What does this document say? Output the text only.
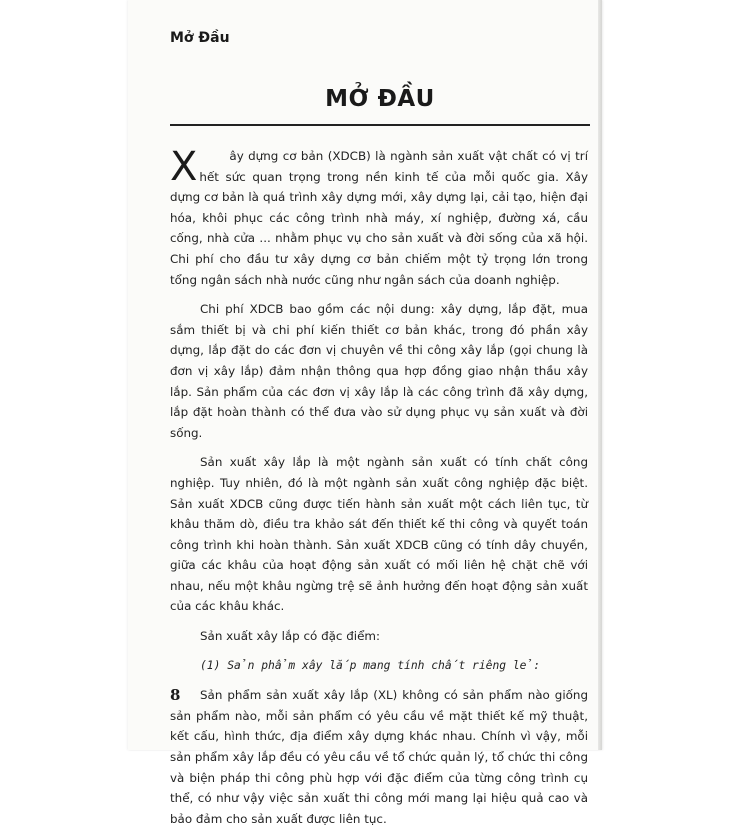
Mở Đầu
MỞ ĐẦU

X	ây dựng cơ bản (XDCB) là ngành sản xuất vật chất có vị trí hết sức quan trọng trong nền kinh tế của mỗi quốc gia. Xây dựng cơ bản là quá trình xây dựng mới, xây dựng lại, cải tạo, hiện đại hóa, khôi phục các công trình nhà máy, xí nghiệp, đường xá, cầu cống, nhà cửa ... nhằm phục vụ cho sản xuất và đời sống của xã hội. Chi phí cho đầu tư xây dựng cơ bản chiếm một tỷ trọng lớn trong tổng ngân sách nhà nước cũng như ngân sách của doanh nghiệp.

Chi phí XDCB bao gồm các nội dung: xây dựng, lắp đặt, mua sắm thiết bị và chi phí kiến thiết cơ bản khác, trong đó phần xây dựng, lắp đặt do các đơn vị chuyên về thi công xây lắp (gọi chung là đơn vị xây lắp) đảm nhận thông qua hợp đồng giao nhận thầu xây lắp. Sản phẩm của các đơn vị xây lắp là các công trình đã xây dựng, lắp đặt hoàn thành có thể đưa vào sử dụng phục vụ sản xuất và đời sống.

Sản xuất xây lắp là một ngành sản xuất có tính chất công nghiệp. Tuy nhiên, đó là một ngành sản xuất công nghiệp đặc biệt. Sản xuất XDCB cũng được tiến hành sản xuất một cách liên tục, từ khâu thăm dò, điều tra khảo sát đến thiết kế thi công và quyết toán công trình khi hoàn thành. Sản xuất XDCB cũng có tính dây chuyền, giữa các khâu của hoạt động sản xuất có mối liên hệ chặt chẽ với nhau, nếu một khâu ngừng trệ sẽ ảnh hưởng đến hoạt động sản xuất của các khâu khác.

Sản xuất xây lắp có đặc điểm:

(1) Sản phẩm xây lắp mang tính chất riêng lẻ:

Sản phẩm sản xuất xây lắp (XL) không có sản phẩm nào giống sản phẩm nào, mỗi sản phẩm có yêu cầu về mặt thiết kế mỹ thuật, kết cấu, hình thức, địa điểm xây dựng khác nhau. Chính vì vậy, mỗi sản phẩm xây lắp đều có yêu cầu về tổ chức quản lý, tổ chức thi công và biện pháp thi công phù hợp với đặc điểm của từng công trình cụ thể, có như vậy việc sản xuất thi công mới mang lại hiệu quả cao và bảo đảm cho sản xuất được liên tục.

8
